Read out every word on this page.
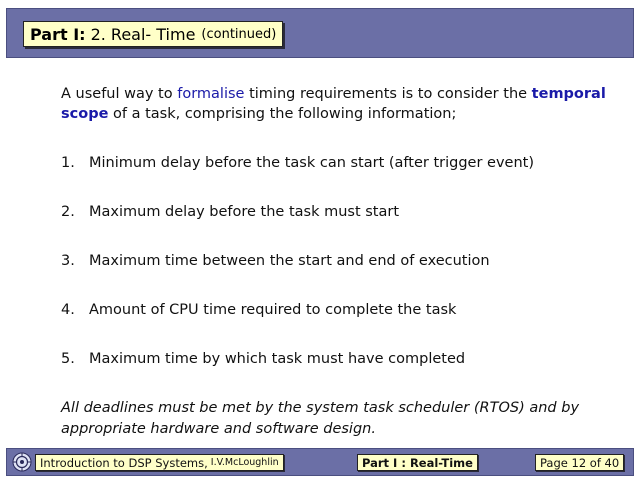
Part I: 2. Real- Time (continued)

A useful way to formalise timing requirements is to consider the temporal scope of a task, comprising the following information;

1. Minimum delay before the task can start (after trigger event)
2. Maximum delay before the task must start
3. Maximum time between the start and end of execution
4. Amount of CPU time required to complete the task
5. Maximum time by which task must have completed

All deadlines must be met by the system task scheduler (RTOS) and by appropriate hardware and software design.

Introduction to DSP Systems, I.V.McLoughlin	Part I : Real-Time	Page 12 of 40
